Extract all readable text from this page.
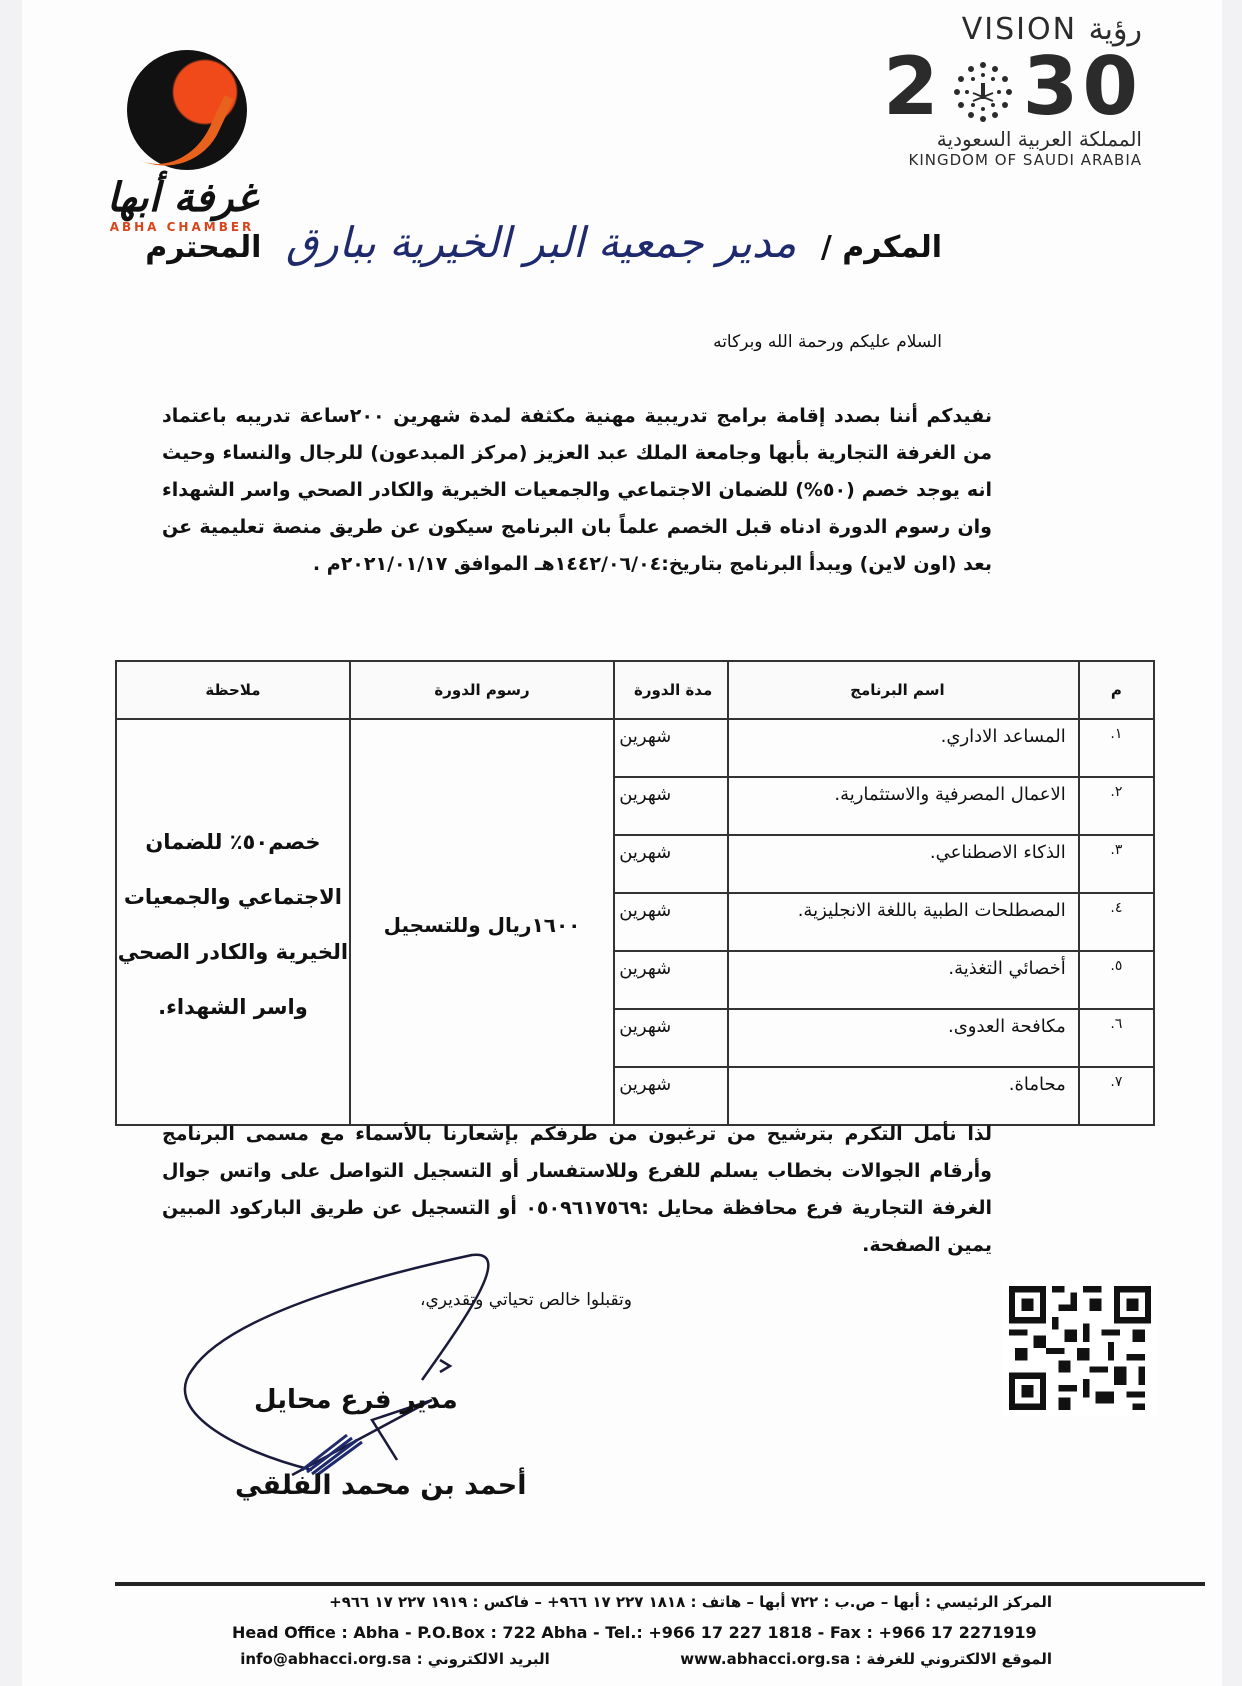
غرفة أبها
ABHA CHAMBER
VISION رؤية
2 30
المملكة العربية السعودية
KINGDOM OF SAUDI ARABIA
المكرم / مدير جمعية البر الخيرية ببارق المحترم
السلام عليكم ورحمة الله وبركاته
نفيدكم أننا بصدد إقامة برامج تدريبية مهنية مكثفة لمدة شهرين ٢٠٠ساعة تدريبه باعتماد من الغرفة التجارية بأبها وجامعة الملك عبد العزيز (مركز المبدعون) للرجال والنساء وحيث انه يوجد خصم (٥٠%) للضمان الاجتماعي والجمعيات الخيرية والكادر الصحي واسر الشهداء وان رسوم الدورة ادناه قبل الخصم علماً بان البرنامج سيكون عن طريق منصة تعليمية عن بعد (اون لاين) ويبدأ البرنامج بتاريخ:١٤٤٢/٠٦/٠٤هـ الموافق ٢٠٢١/٠١/١٧م .
م	اسم البرنامج	مدة الدورة	رسوم الدورة	ملاحظة
١.	المساعد الاداري.	شهرين	١٦٠٠ريال وللتسجيل	خصم٥٠٪ للضمان الاجتماعي والجمعيات الخيرية والكادر الصحي واسر الشهداء.
٢.	الاعمال المصرفية والاستثمارية.	شهرين		
٣.	الذكاء الاصطناعي.	شهرين		
٤.	المصطلحات الطبية باللغة الانجليزية.	شهرين		
٥.	أخصائي التغذية.	شهرين		
٦.	مكافحة العدوى.	شهرين		
٧.	محاماة.	شهرين		
لذا نأمل التكرم بترشيح من ترغبون من طرفكم بإشعارنا بالأسماء مع مسمى البرنامج وأرقام الجوالات بخطاب يسلم للفرع وللاستفسار أو التسجيل التواصل على واتس جوال الغرفة التجارية فرع محافظة محايل :٠٥٠٩٦١٧٥٦٩ أو التسجيل عن طريق الباركود المبين يمين الصفحة.
وتقبلوا خالص تحياتي وتقديري،
مدير فرع محايل
أحمد بن محمد الفلقي
المركز الرئيسي : أبها – ص.ب : ٧٢٢ أبها – هاتف : ١٨١٨ ٢٢٧ ١٧ ٩٦٦+ – فاكس : ١٩١٩ ٢٢٧ ١٧ ٩٦٦+
Head Office : Abha - P.O.Box : 722 Abha - Tel.: +966 17 227 1818 - Fax : +966 17 2271919
الموقع الالكتروني للغرفة : www.abhacci.org.sa  البريد الالكتروني : info@abhacci.org.sa
